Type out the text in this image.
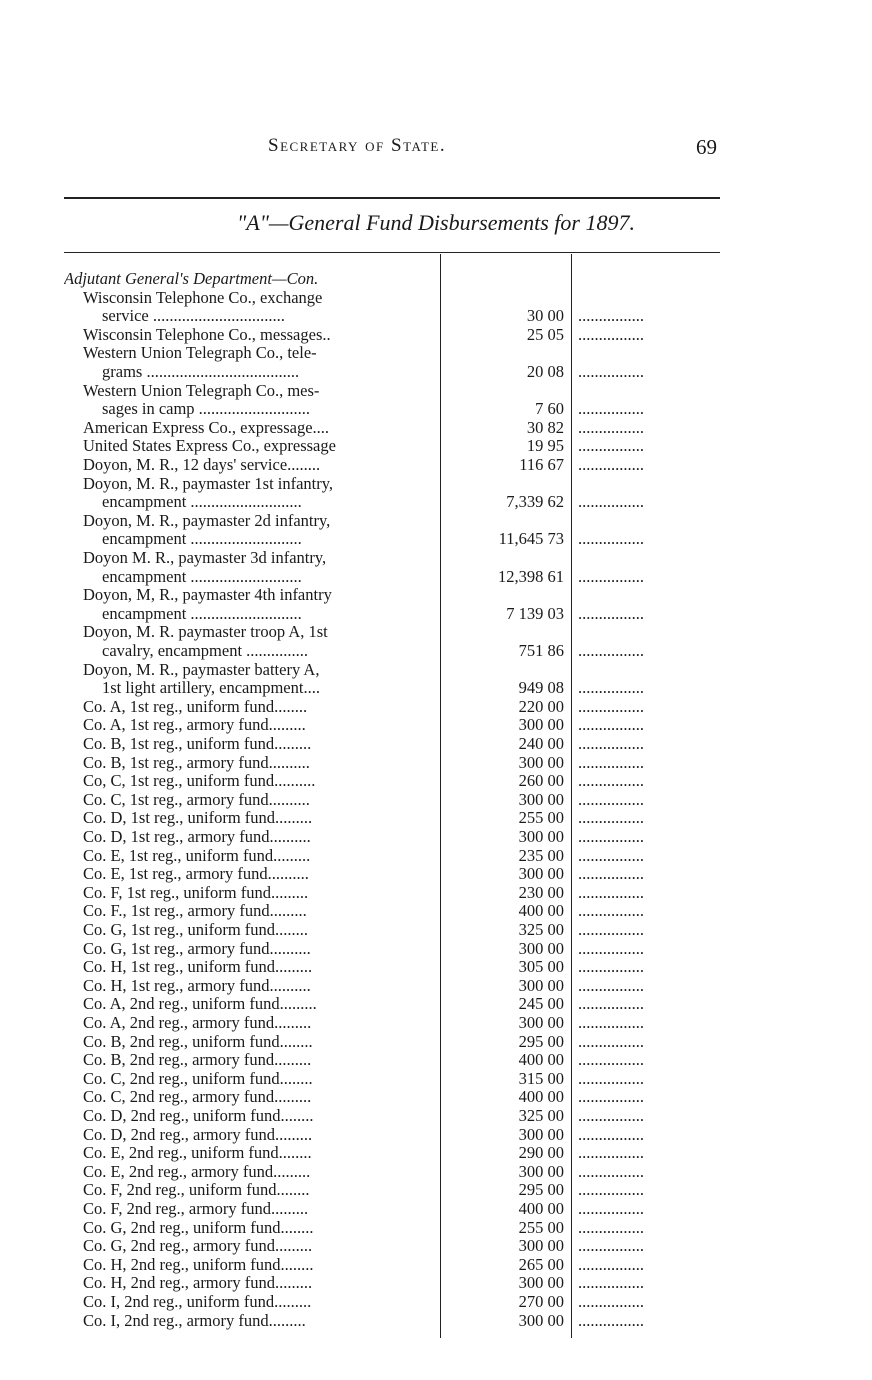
Secretary of State.	69
"A"—General Fund Disbursements for 1897.
Adjutant General's Department—Con.
Wisconsin Telephone Co., exchange
service ................................	30 00 ................
Wisconsin Telephone Co., messages..	25 05 ................
Western Union Telegraph Co., tele-
grams .....................................	20 08 ................
Western Union Telegraph Co., mes-
sages in camp ...........................	7 60 ................
American Express Co., expressage....	30 82 ................
United States Express Co., expressage	19 95 ................
Doyon, M. R., 12 days' service........	116 67 ................
Doyon, M. R., paymaster 1st infantry,
encampment ...........................	7,339 62 ................
Doyon, M. R., paymaster 2d infantry,
encampment ...........................	11,645 73 ................
Doyon M. R., paymaster 3d infantry,
encampment ...........................	12,398 61 ................
Doyon, M, R., paymaster 4th infantry
encampment ...........................	7 139 03 ................
Doyon, M. R. paymaster troop A, 1st
cavalry, encampment ...............	751 86 ................
Doyon, M. R., paymaster battery A,
1st light artillery, encampment....	949 08 ................
Co. A, 1st reg., uniform fund........	220 00 ................
Co. A, 1st reg., armory fund.........	300 00 ................
Co. B, 1st reg., uniform fund.........	240 00 ................
Co. B, 1st reg., armory fund..........	300 00 ................
Co, C, 1st reg., uniform fund..........	260 00 ................
Co. C, 1st reg., armory fund..........	300 00 ................
Co. D, 1st reg., uniform fund.........	255 00 ................
Co. D, 1st reg., armory fund..........	300 00 ................
Co. E, 1st reg., uniform fund.........	235 00 ................
Co. E, 1st reg., armory fund..........	300 00 ................
Co. F, 1st reg., uniform fund.........	230 00 ................
Co. F., 1st reg., armory fund.........	400 00 ................
Co. G, 1st reg., uniform fund........	325 00 ................
Co. G, 1st reg., armory fund..........	300 00 ................
Co. H, 1st reg., uniform fund.........	305 00 ................
Co. H, 1st reg., armory fund..........	300 00 ................
Co. A, 2nd reg., uniform fund.........	245 00 ................
Co. A, 2nd reg., armory fund.........	300 00 ................
Co. B, 2nd reg., uniform fund........	295 00 ................
Co. B, 2nd reg., armory fund.........	400 00 ................
Co. C, 2nd reg., uniform fund........	315 00 ................
Co. C, 2nd reg., armory fund.........	400 00 ................
Co. D, 2nd reg., uniform fund........	325 00 ................
Co. D, 2nd reg., armory fund.........	300 00 ................
Co. E, 2nd reg., uniform fund........	290 00 ................
Co. E, 2nd reg., armory fund.........	300 00 ................
Co. F, 2nd reg., uniform fund........	295 00 ................
Co. F, 2nd reg., armory fund.........	400 00 ................
Co. G, 2nd reg., uniform fund........	255 00 ................
Co. G, 2nd reg., armory fund.........	300 00 ................
Co. H, 2nd reg., uniform fund........	265 00 ................
Co. H, 2nd reg., armory fund.........	300 00 ................
Co. I, 2nd reg., uniform fund.........	270 00 ................
Co. I, 2nd reg., armory fund.........	300 00 ................
